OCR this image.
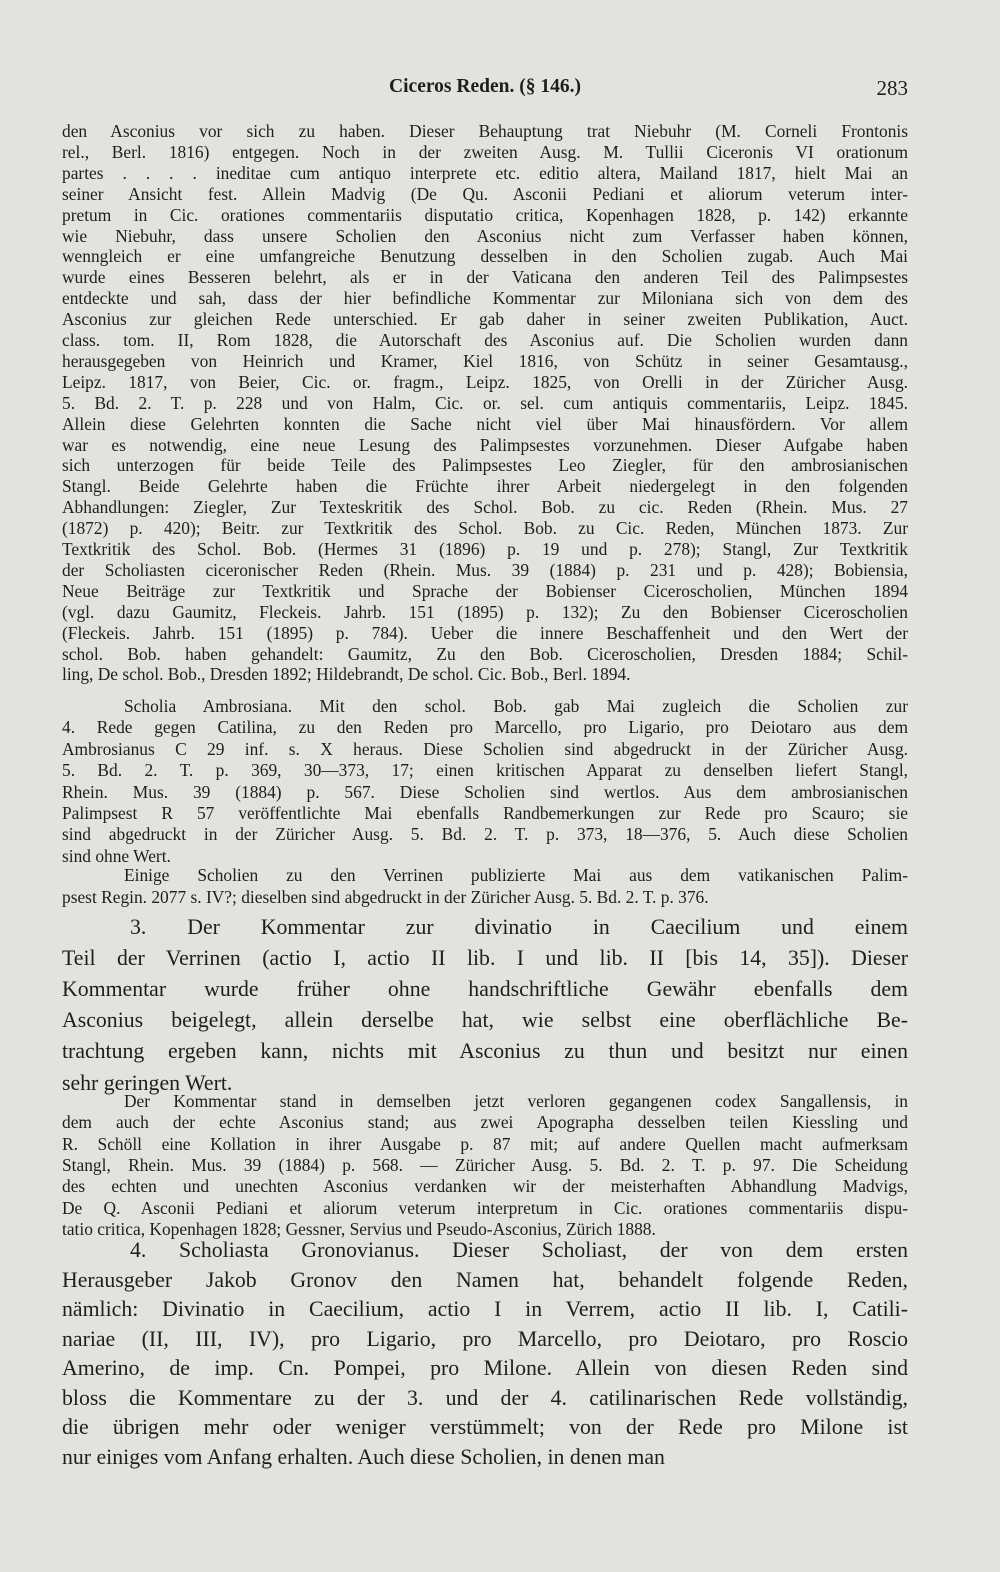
Ciceros Reden. (§ 146.)	283
den Asconius vor sich zu haben. Dieser Behauptung trat Niebuhr (M. Corneli Frontonis
rel., Berl. 1816) entgegen. Noch in der zweiten Ausg. M. Tullii Ciceronis VI orationum
partes . . . . ineditae cum antiquo interprete etc. editio altera, Mailand 1817, hielt Mai an
seiner Ansicht fest. Allein Madvig (De Qu. Asconii Pediani et aliorum veterum inter-
pretum in Cic. orationes commentariis disputatio critica, Kopenhagen 1828, p. 142) erkannte
wie Niebuhr, dass unsere Scholien den Asconius nicht zum Verfasser haben können,
wenngleich er eine umfangreiche Benutzung desselben in den Scholien zugab. Auch Mai
wurde eines Besseren belehrt, als er in der Vaticana den anderen Teil des Palimpsestes
entdeckte und sah, dass der hier befindliche Kommentar zur Miloniana sich von dem des
Asconius zur gleichen Rede unterschied. Er gab daher in seiner zweiten Publikation, Auct.
class. tom. II, Rom 1828, die Autorschaft des Asconius auf. Die Scholien wurden dann
herausgegeben von Heinrich und Kramer, Kiel 1816, von Schütz in seiner Gesamtausg.,
Leipz. 1817, von Beier, Cic. or. fragm., Leipz. 1825, von Orelli in der Züricher Ausg.
5. Bd. 2. T. p. 228 und von Halm, Cic. or. sel. cum antiquis commentariis, Leipz. 1845.
Allein diese Gelehrten konnten die Sache nicht viel über Mai hinausfördern. Vor allem
war es notwendig, eine neue Lesung des Palimpsestes vorzunehmen. Dieser Aufgabe haben
sich unterzogen für beide Teile des Palimpsestes Leo Ziegler, für den ambrosianischen
Stangl. Beide Gelehrte haben die Früchte ihrer Arbeit niedergelegt in den folgenden
Abhandlungen: Ziegler, Zur Texteskritik des Schol. Bob. zu cic. Reden (Rhein. Mus. 27
(1872) p. 420); Beitr. zur Textkritik des Schol. Bob. zu Cic. Reden, München 1873. Zur
Textkritik des Schol. Bob. (Hermes 31 (1896) p. 19 und p. 278); Stangl, Zur Textkritik
der Scholiasten ciceronischer Reden (Rhein. Mus. 39 (1884) p. 231 und p. 428); Bobiensia,
Neue Beiträge zur Textkritik und Sprache der Bobienser Ciceroscholien, München 1894
(vgl. dazu Gaumitz, Fleckeis. Jahrb. 151 (1895) p. 132); Zu den Bobienser Ciceroscholien
(Fleckeis. Jahrb. 151 (1895) p. 784). Ueber die innere Beschaffenheit und den Wert der
schol. Bob. haben gehandelt: Gaumitz, Zu den Bob. Ciceroscholien, Dresden 1884; Schil-
ling, De schol. Bob., Dresden 1892; Hildebrandt, De schol. Cic. Bob., Berl. 1894.
Scholia Ambrosiana. Mit den schol. Bob. gab Mai zugleich die Scholien zur
4. Rede gegen Catilina, zu den Reden pro Marcello, pro Ligario, pro Deiotaro aus dem
Ambrosianus C 29 inf. s. X heraus. Diese Scholien sind abgedruckt in der Züricher Ausg.
5. Bd. 2. T. p. 369, 30—373, 17; einen kritischen Apparat zu denselben liefert Stangl,
Rhein. Mus. 39 (1884) p. 567. Diese Scholien sind wertlos. Aus dem ambrosianischen
Palimpsest R 57 veröffentlichte Mai ebenfalls Randbemerkungen zur Rede pro Scauro; sie
sind abgedruckt in der Züricher Ausg. 5. Bd. 2. T. p. 373, 18—376, 5. Auch diese Scholien
sind ohne Wert.
Einige Scholien zu den Verrinen publizierte Mai aus dem vatikanischen Palim-
psest Regin. 2077 s. IV?; dieselben sind abgedruckt in der Züricher Ausg. 5. Bd. 2. T. p. 376.
3. Der Kommentar zur divinatio in Caecilium und einem
Teil der Verrinen (actio I, actio II lib. I und lib. II [bis 14, 35]). Dieser
Kommentar wurde früher ohne handschriftliche Gewähr ebenfalls dem
Asconius beigelegt, allein derselbe hat, wie selbst eine oberflächliche Be-
trachtung ergeben kann, nichts mit Asconius zu thun und besitzt nur einen
sehr geringen Wert.
Der Kommentar stand in demselben jetzt verloren gegangenen codex Sangallensis, in
dem auch der echte Asconius stand; aus zwei Apographa desselben teilen Kiessling und
R. Schöll eine Kollation in ihrer Ausgabe p. 87 mit; auf andere Quellen macht aufmerksam
Stangl, Rhein. Mus. 39 (1884) p. 568. — Züricher Ausg. 5. Bd. 2. T. p. 97. Die Scheidung
des echten und unechten Asconius verdanken wir der meisterhaften Abhandlung Madvigs,
De Q. Asconii Pediani et aliorum veterum interpretum in Cic. orationes commentariis dispu-
tatio critica, Kopenhagen 1828; Gessner, Servius und Pseudo-Asconius, Zürich 1888.
4. Scholiasta Gronovianus. Dieser Scholiast, der von dem ersten
Herausgeber Jakob Gronov den Namen hat, behandelt folgende Reden,
nämlich: Divinatio in Caecilium, actio I in Verrem, actio II lib. I, Catili-
nariae (II, III, IV), pro Ligario, pro Marcello, pro Deiotaro, pro Roscio
Amerino, de imp. Cn. Pompei, pro Milone. Allein von diesen Reden sind
bloss die Kommentare zu der 3. und der 4. catilinarischen Rede vollständig,
die übrigen mehr oder weniger verstümmelt; von der Rede pro Milone ist
nur einiges vom Anfang erhalten. Auch diese Scholien, in denen man
